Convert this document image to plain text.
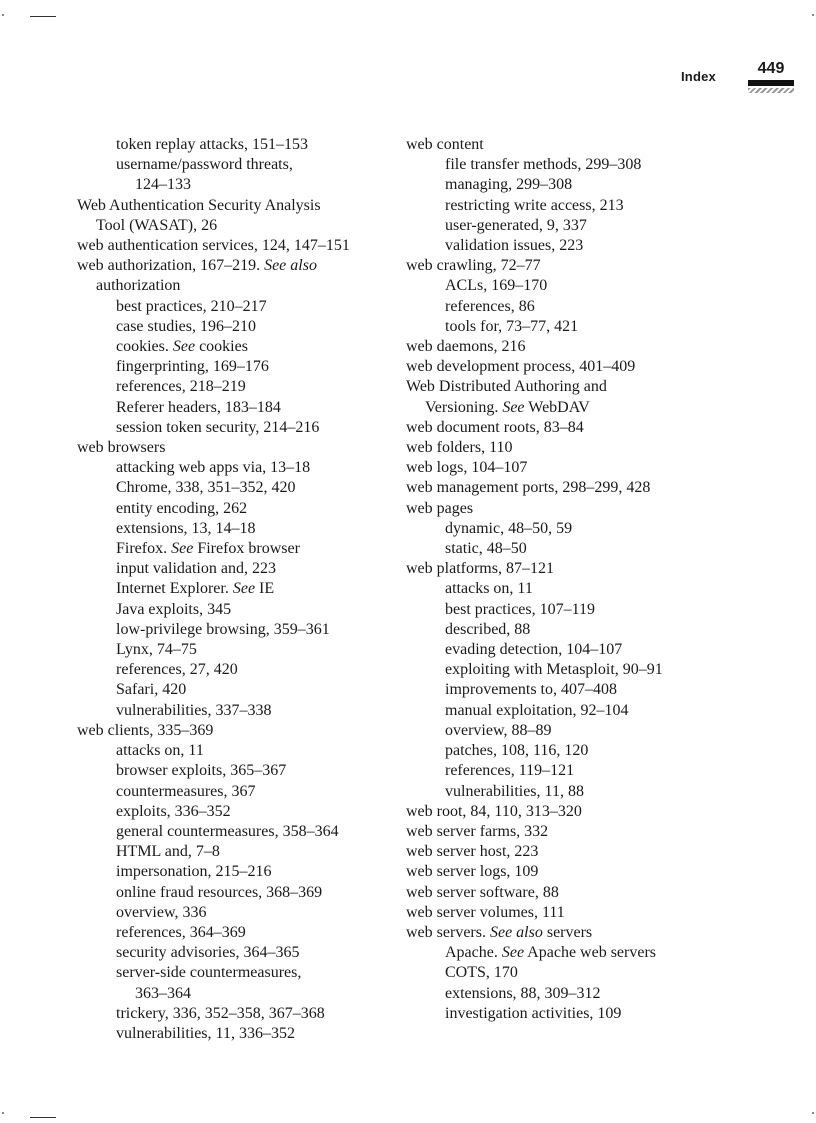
Index	449
token replay attacks, 151–153
username/password threats,
124–133
Web Authentication Security Analysis
Tool (WASAT), 26
web authentication services, 124, 147–151
web authorization, 167–219. See also
authorization
best practices, 210–217
case studies, 196–210
cookies. See cookies
fingerprinting, 169–176
references, 218–219
Referer headers, 183–184
session token security, 214–216
web browsers
attacking web apps via, 13–18
Chrome, 338, 351–352, 420
entity encoding, 262
extensions, 13, 14–18
Firefox. See Firefox browser
input validation and, 223
Internet Explorer. See IE
Java exploits, 345
low-privilege browsing, 359–361
Lynx, 74–75
references, 27, 420
Safari, 420
vulnerabilities, 337–338
web clients, 335–369
attacks on, 11
browser exploits, 365–367
countermeasures, 367
exploits, 336–352
general countermeasures, 358–364
HTML and, 7–8
impersonation, 215–216
online fraud resources, 368–369
overview, 336
references, 364–369
security advisories, 364–365
server-side countermeasures,
363–364
trickery, 336, 352–358, 367–368
vulnerabilities, 11, 336–352
web content
file transfer methods, 299–308
managing, 299–308
restricting write access, 213
user-generated, 9, 337
validation issues, 223
web crawling, 72–77
ACLs, 169–170
references, 86
tools for, 73–77, 421
web daemons, 216
web development process, 401–409
Web Distributed Authoring and
Versioning. See WebDAV
web document roots, 83–84
web folders, 110
web logs, 104–107
web management ports, 298–299, 428
web pages
dynamic, 48–50, 59
static, 48–50
web platforms, 87–121
attacks on, 11
best practices, 107–119
described, 88
evading detection, 104–107
exploiting with Metasploit, 90–91
improvements to, 407–408
manual exploitation, 92–104
overview, 88–89
patches, 108, 116, 120
references, 119–121
vulnerabilities, 11, 88
web root, 84, 110, 313–320
web server farms, 332
web server host, 223
web server logs, 109
web server software, 88
web server volumes, 111
web servers. See also servers
Apache. See Apache web servers
COTS, 170
extensions, 88, 309–312
investigation activities, 109
